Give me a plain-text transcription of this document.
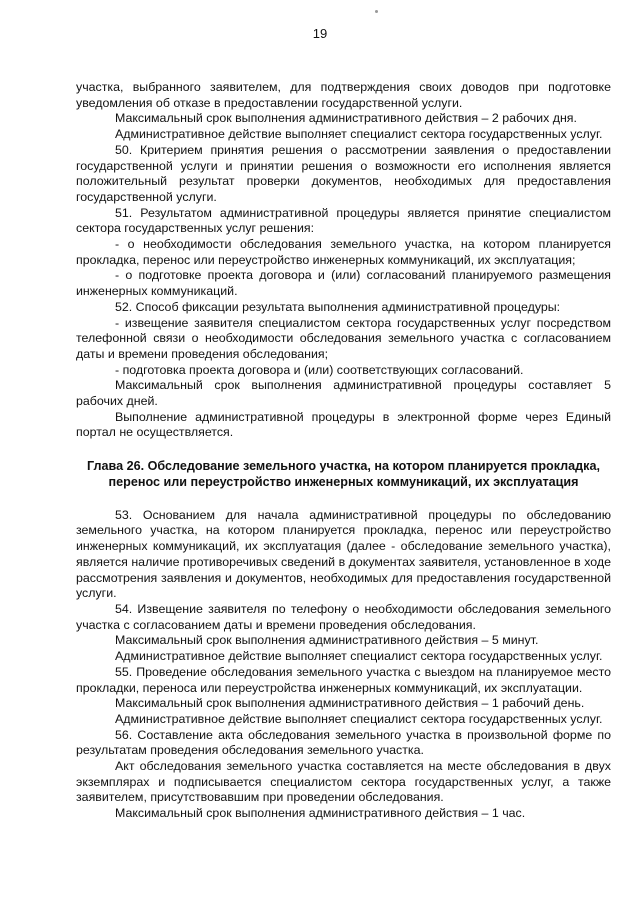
19

участка, выбранного заявителем, для подтверждения своих доводов при подготовке уведомления об отказе в предоставлении государственной услуги.

Максимальный срок выполнения административного действия – 2 рабочих дня.

Административное действие выполняет специалист сектора государственных услуг.

50. Критерием принятия решения о рассмотрении заявления о предоставлении государственной услуги и принятии решения о возможности его исполнения является положительный результат проверки документов, необходимых для предоставления государственной услуги.

51. Результатом административной процедуры является принятие специалистом сектора государственных услуг решения:

- о необходимости обследования земельного участка, на котором планируется прокладка, перенос или переустройство инженерных коммуникаций, их эксплуатация;

- о подготовке проекта договора и (или) согласований планируемого размещения инженерных коммуникаций.

52. Способ фиксации результата выполнения административной процедуры:

- извещение заявителя специалистом сектора государственных услуг посредством телефонной связи о необходимости обследования земельного участка с согласованием даты и времени проведения обследования;

- подготовка проекта договора и (или) соответствующих согласований.

Максимальный срок выполнения административной процедуры составляет 5 рабочих дней.

Выполнение административной процедуры в электронной форме через Единый портал не осуществляется.

Глава 26. Обследование земельного участка, на котором планируется прокладка, перенос или переустройство инженерных коммуникаций, их эксплуатация

53. Основанием для начала административной процедуры по обследованию земельного участка, на котором планируется прокладка, перенос или переустройство инженерных коммуникаций, их эксплуатация (далее - обследование земельного участка), является наличие противоречивых сведений в документах заявителя, установленное в ходе рассмотрения заявления и документов, необходимых для предоставления государственной услуги.

54. Извещение заявителя по телефону о необходимости обследования земельного участка с согласованием даты и времени проведения обследования.

Максимальный срок выполнения административного действия – 5 минут.

Административное действие выполняет специалист сектора государственных услуг.

55. Проведение обследования земельного участка с выездом на планируемое место прокладки, переноса или переустройства инженерных коммуникаций, их эксплуатации.

Максимальный срок выполнения административного действия – 1 рабочий день.

Административное действие выполняет специалист сектора государственных услуг.

56. Составление акта обследования земельного участка в произвольной форме по результатам проведения обследования земельного участка.

Акт обследования земельного участка составляется на месте обследования в двух экземплярах и подписывается специалистом сектора государственных услуг, а также заявителем, присутствовавшим при проведении обследования.

Максимальный срок выполнения административного действия – 1 час.
